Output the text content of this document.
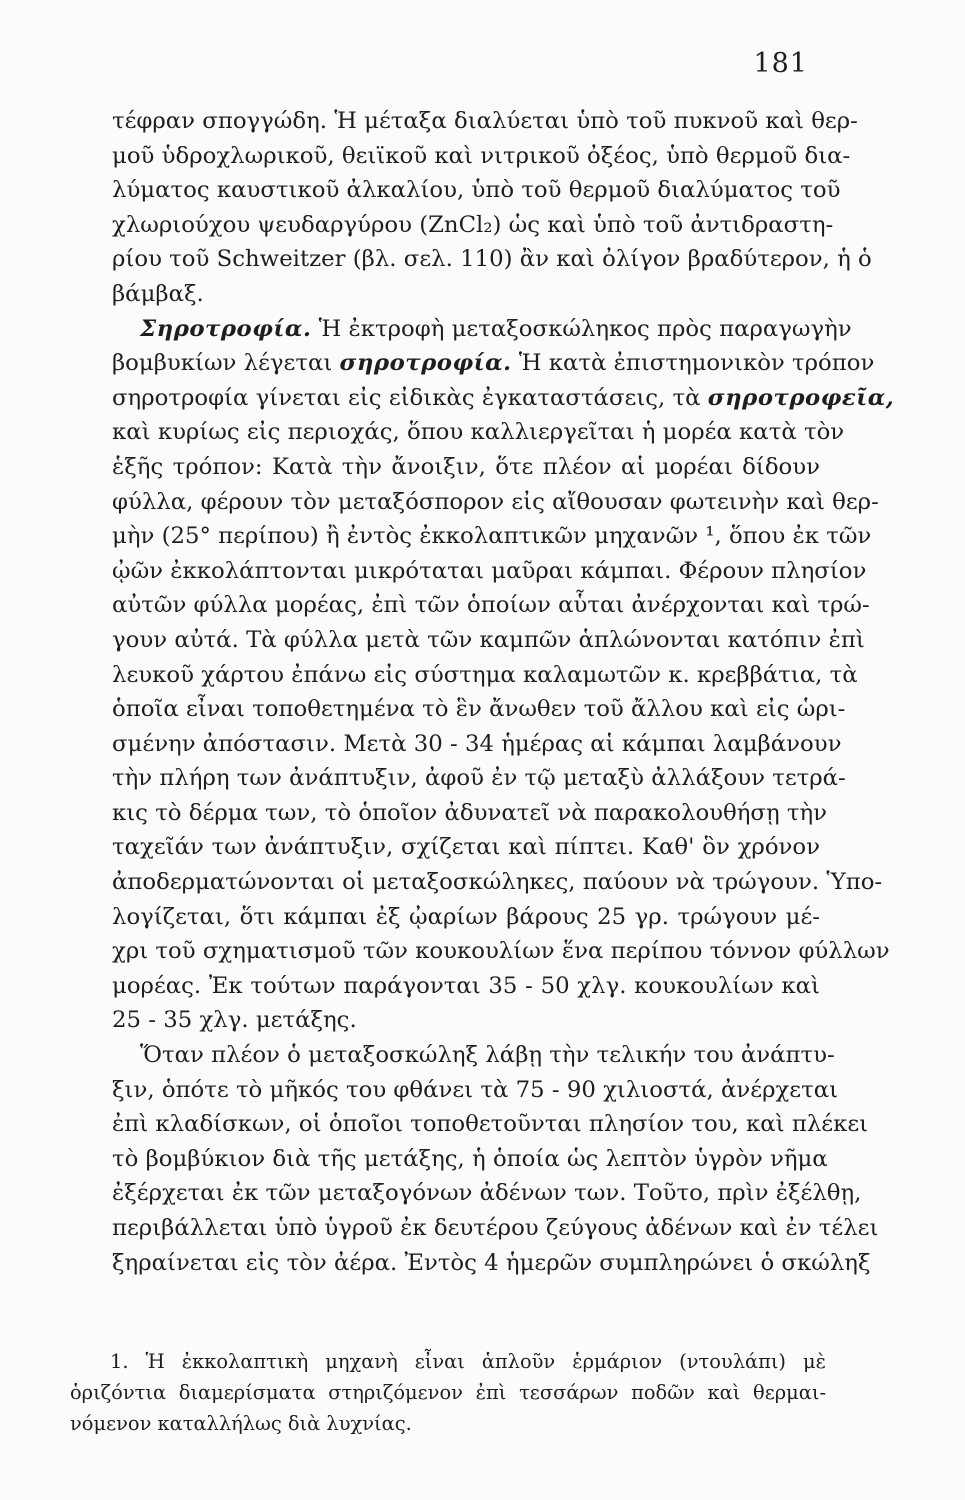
181
τέφραν σπογγώδη. Ἡ μέταξα διαλύεται ὑπὸ τοῦ πυκνοῦ καὶ θερ-
μοῦ ὑδροχλωρικοῦ, θειϊκοῦ καὶ νιτρικοῦ ὀξέος, ὑπὸ θερμοῦ δια-
λύματος καυστικοῦ ἀλκαλίου, ὑπὸ τοῦ θερμοῦ διαλύματος τοῦ
χλωριούχου ψευδαργύρου (ZnCl₂) ὡς καὶ ὑπὸ τοῦ ἀντιδραστη-
ρίου τοῦ Schweitzer (βλ. σελ. 110) ἂν καὶ ὀλίγον βραδύτερον, ἡ ὁ
βάμβαξ.
Σηροτροφία. Ἡ ἐκτροφὴ μεταξοσκώληκος πρὸς παραγωγὴν
βομβυκίων λέγεται σηροτροφία. Ἡ κατὰ ἐπιστημονικὸν τρόπον
σηροτροφία γίνεται εἰς εἰδικὰς ἐγκαταστάσεις, τὰ σηροτροφεῖα,
καὶ κυρίως εἰς περιοχάς, ὅπου καλλιεργεῖται ἡ μορέα κατὰ τὸν
ἑξῆς τρόπον: Κατὰ τὴν ἄνοιξιν, ὅτε πλέον αἱ μορέαι δίδουν
φύλλα, φέρουν τὸν μεταξόσπορον εἰς αἴθουσαν φωτεινὴν καὶ θερ-
μὴν (25° περίπου) ἢ ἐντὸς ἐκκολαπτικῶν μηχανῶν ¹, ὅπου ἐκ τῶν
ᾠῶν ἐκκολάπτονται μικρόταται μαῦραι κάμπαι. Φέρουν πλησίον
αὐτῶν φύλλα μορέας, ἐπὶ τῶν ὁποίων αὗται ἀνέρχονται καὶ τρώ-
γουν αὐτά. Τὰ φύλλα μετὰ τῶν καμπῶν ἁπλώνονται κατόπιν ἐπὶ
λευκοῦ χάρτου ἐπάνω εἰς σύστημα καλαμωτῶν κ. κρεββάτια, τὰ
ὁποῖα εἶναι τοποθετημένα τὸ ἓν ἄνωθεν τοῦ ἄλλου καὶ εἰς ὡρι-
σμένην ἀπόστασιν. Μετὰ 30 - 34 ἡμέρας αἱ κάμπαι λαμβάνουν
τὴν πλήρη των ἀνάπτυξιν, ἀφοῦ ἐν τῷ μεταξὺ ἀλλάξουν τετρά-
κις τὸ δέρμα των, τὸ ὁποῖον ἀδυνατεῖ νὰ παρακολουθήσῃ τὴν
ταχεῖάν των ἀνάπτυξιν, σχίζεται καὶ πίπτει. Καθ' ὃν χρόνον
ἀποδερματώνονται οἱ μεταξοσκώληκες, παύουν νὰ τρώγουν. Ὑπο-
λογίζεται, ὅτι κάμπαι ἐξ ᾠαρίων βάρους 25 γρ. τρώγουν μέ-
χρι τοῦ σχηματισμοῦ τῶν κουκουλίων ἕνα περίπου τόννον φύλλων
μορέας. Ἐκ τούτων παράγονται 35 - 50 χλγ. κουκουλίων καὶ
25 - 35 χλγ. μετάξης.
Ὅταν πλέον ὁ μεταξοσκώληξ λάβῃ τὴν τελικήν του ἀνάπτυ-
ξιν, ὁπότε τὸ μῆκός του φθάνει τὰ 75 - 90 χιλιοστά, ἀνέρχεται
ἐπὶ κλαδίσκων, οἱ ὁποῖοι τοποθετοῦνται πλησίον του, καὶ πλέκει
τὸ βομβύκιον διὰ τῆς μετάξης, ἡ ὁποία ὡς λεπτὸν ὑγρὸν νῆμα
ἐξέρχεται ἐκ τῶν μεταξογόνων ἀδένων των. Τοῦτο, πρὶν ἐξέλθῃ,
περιβάλλεται ὑπὸ ὑγροῦ ἐκ δευτέρου ζεύγους ἀδένων καὶ ἐν τέλει
ξηραίνεται εἰς τὸν ἀέρα. Ἐντὸς 4 ἡμερῶν συμπληρώνει ὁ σκώληξ
1. Ἡ ἐκκολαπτικὴ μηχανὴ εἶναι ἁπλοῦν ἑρμάριον (ντουλάπι) μὲ
ὁριζόντια διαμερίσματα στηριζόμενον ἐπὶ τεσσάρων ποδῶν καὶ θερμαι-
νόμενον καταλλήλως διὰ λυχνίας.
